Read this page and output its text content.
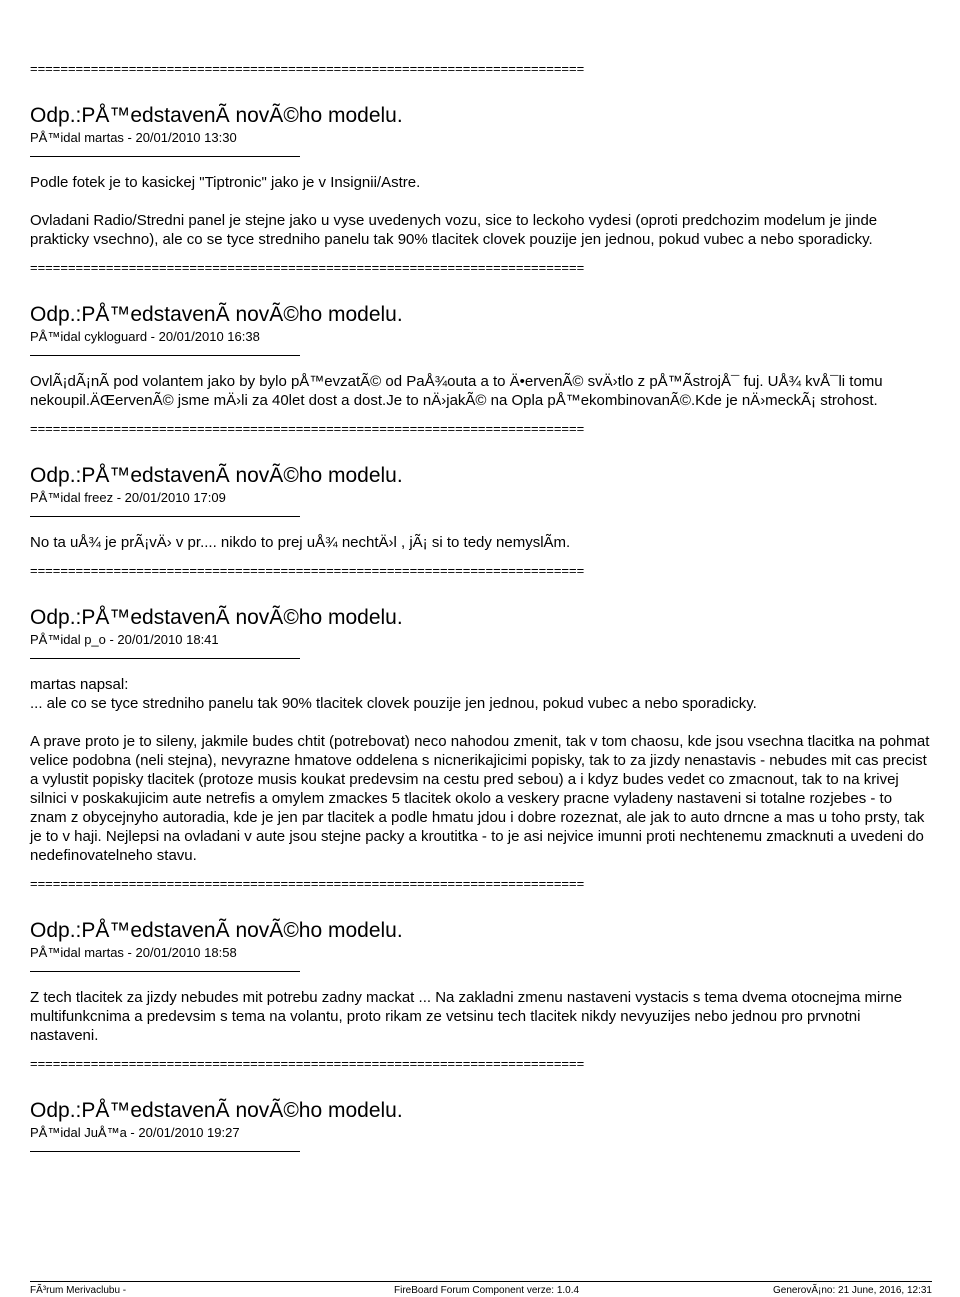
=========================================================================
Odp.:PÅ™edstavenÃ novÃ©ho modelu.
PÅ™idal martas - 20/01/2010 13:30

Podle fotek je to kasickej "Tiptronic" jako je v Insignii/Astre.

Ovladani Radio/Stredni panel je stejne jako u vyse uvedenych vozu, sice to leckoho vydesi (oproti predchozim modelum je jinde prakticky vsechno), ale co se tyce stredniho panelu tak 90% tlacitek clovek pouzije jen jednou, pokud vubec a nebo sporadicky.

=========================================================================
Odp.:PÅ™edstavenÃ novÃ©ho modelu.
PÅ™idal cykloguard - 20/01/2010 16:38

OvlÃ¡dÃ¡nÃ pod volantem jako by bylo pÅ™evzatÃ© od PaÅ¾outa a to Ä•ervenÃ© svÄ›tlo z pÅ™ÃstrojÅ¯ fuj. UÅ¾ kvÅ¯li tomu

nekoupil.ÄŒervenÃ© jsme mÄ›li za 40let dost a dost.Je to nÄ›jakÃ© na Opla pÅ™ekombinovanÃ©.Kde je nÄ›meckÃ¡ strohost.

=========================================================================
Odp.:PÅ™edstavenÃ novÃ©ho modelu.
PÅ™idal freez - 20/01/2010 17:09

No ta uÅ¾ je prÃ¡vÄ› v pr.... nikdo to prej uÅ¾ nechtÄ›l , jÃ¡ si to tedy nemyslÃm.

=========================================================================
Odp.:PÅ™edstavenÃ novÃ©ho modelu.
PÅ™idal p_o - 20/01/2010 18:41

martas napsal:

... ale co se tyce stredniho panelu tak 90% tlacitek clovek pouzije jen jednou, pokud vubec a nebo sporadicky.

A prave proto je to sileny, jakmile budes chtit (potrebovat) neco nahodou zmenit, tak v tom chaosu, kde jsou vsechna tlacitka na pohmat velice podobna (neli stejna), nevyrazne hmatove oddelena s nicnerikajicimi popisky, tak to za jizdy nenastavis - nebudes mit cas precist a vylustit popisky tlacitek (protoze musis koukat predevsim na cestu pred sebou) a i kdyz budes vedet co zmacnout, tak to na krivej silnici v poskakujicim aute netrefis a omylem zmackes 5 tlacitek okolo a veskery pracne vyladeny nastaveni si totalne rozjebes - to znam z obycejnyho autoradia, kde je jen par tlacitek a podle hmatu jdou i dobre rozeznat, ale jak to auto drncne a mas u toho prsty, tak je to v haji. Nejlepsi na ovladani v aute jsou stejne packy a kroutitka - to je asi nejvice imunni proti nechtenemu zmacknuti a uvedeni do nedefinovatelneho stavu.

=========================================================================
Odp.:PÅ™edstavenÃ novÃ©ho modelu.
PÅ™idal martas - 20/01/2010 18:58

Z tech tlacitek za jizdy nebudes mit potrebu zadny mackat ... Na zakladni zmenu nastaveni vystacis s tema dvema otocnejma mirne multifunkcnima a predevsim s tema na volantu, proto rikam ze vetsinu tech tlacitek nikdy nevyuzijes nebo jednou pro prvnotni nastaveni.

=========================================================================
Odp.:PÅ™edstavenÃ novÃ©ho modelu.
PÅ™idal JuÅ™a - 20/01/2010 19:27
FÃ³rum Merivaclubu -	FireBoard Forum Component verze: 1.0.4	GenerovÃ¡no: 21 June, 2016, 12:31
